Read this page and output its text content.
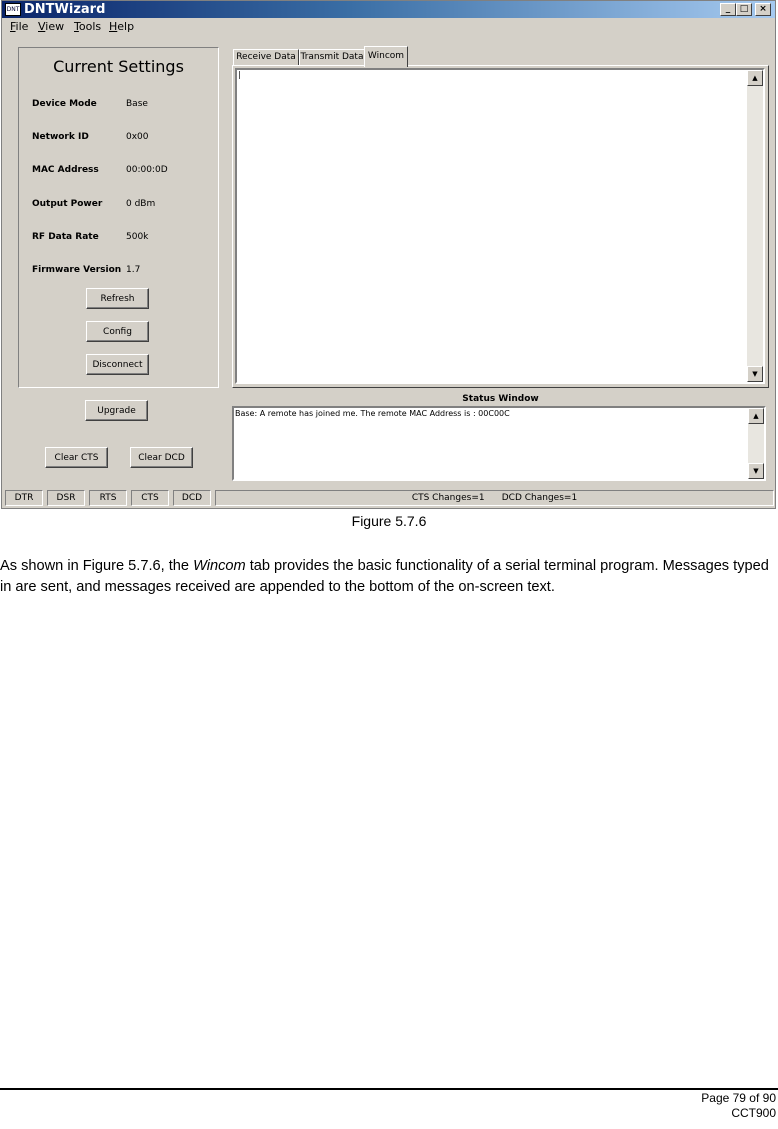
DNT DNTWizard	_	□	×
File View Tools Help
Current Settings
Device Mode	Base
Network ID	0x00
MAC Address	00:00:0D
Output Power	0 dBm
RF Data Rate	500k
Firmware Version 1.7
Refresh
Config
Disconnect
Upgrade
Clear CTS	Clear DCD
Receive Data Transmit Data Wincom
|	▲
▼
Status Window
Base: A remote has joined me. The remote MAC Address is : 00C00C	▲
▼
DTR	DSR	RTS	CTS	DCD	CTS Changes=1      DCD Changes=1
Figure 5.7.6
As shown in Figure 5.7.6, the Wincom tab provides the basic functionality of a serial terminal program. Messages typed in are sent, and messages received are appended to the bottom of the on-screen text.
Page 79 of 90
CCT900
